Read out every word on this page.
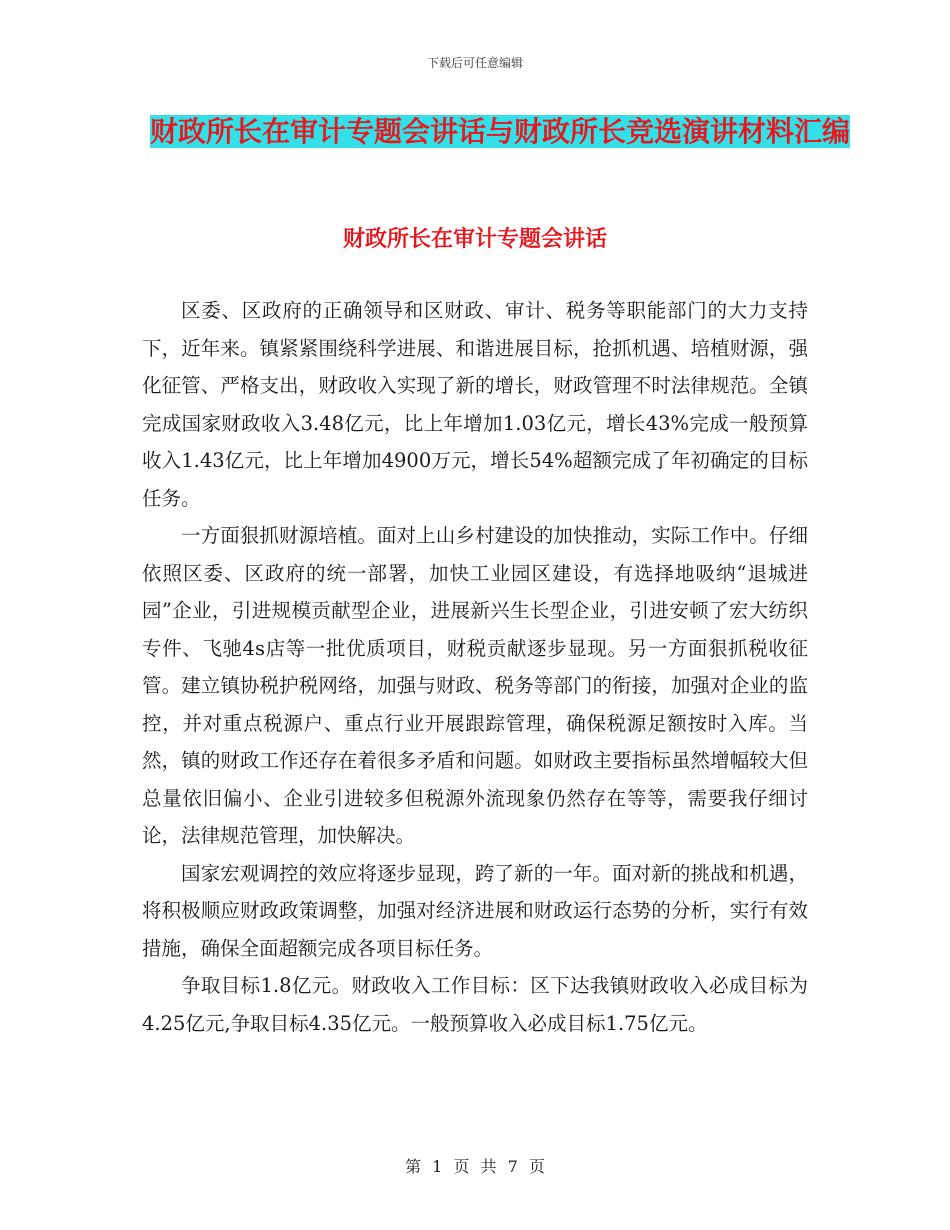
下载后可任意编辑
财政所长在审计专题会讲话与财政所长竞选演讲材料汇编
财政所长在审计专题会讲话

区委、区政府的正确领导和区财政、审计、税务等职能部门的大力支持下，近年来。镇紧紧围绕科学进展、和谐进展目标，抢抓机遇、培植财源，强化征管、严格支出，财政收入实现了新的增长，财政管理不时法律规范。全镇完成国家财政收入3.48亿元，比上年增加1.03亿元，增长43%完成一般预算收入1.43亿元，比上年增加4900万元，增长54%超额完成了年初确定的目标任务。

一方面狠抓财源培植。面对上山乡村建设的加快推动，实际工作中。仔细依照区委、区政府的统一部署，加快工业园区建设，有选择地吸纳“退城进园”企业，引进规模贡献型企业，进展新兴生长型企业，引进安顿了宏大纺织专件、飞驰4s店等一批优质项目，财税贡献逐步显现。另一方面狠抓税收征管。建立镇协税护税网络，加强与财政、税务等部门的衔接，加强对企业的监控，并对重点税源户、重点行业开展跟踪管理，确保税源足额按时入库。当然，镇的财政工作还存在着很多矛盾和问题。如财政主要指标虽然增幅较大但总量依旧偏小、企业引进较多但税源外流现象仍然存在等等，需要我仔细讨论，法律规范管理，加快解决。

国家宏观调控的效应将逐步显现，跨了新的一年。面对新的挑战和机遇，将积极顺应财政政策调整，加强对经济进展和财政运行态势的分析，实行有效措施，确保全面超额完成各项目标任务。

争取目标1.8亿元。财政收入工作目标：区下达我镇财政收入必成目标为4.25亿元,争取目标4.35亿元。一般预算收入必成目标1.75亿元。

第 1 页 共 7 页
